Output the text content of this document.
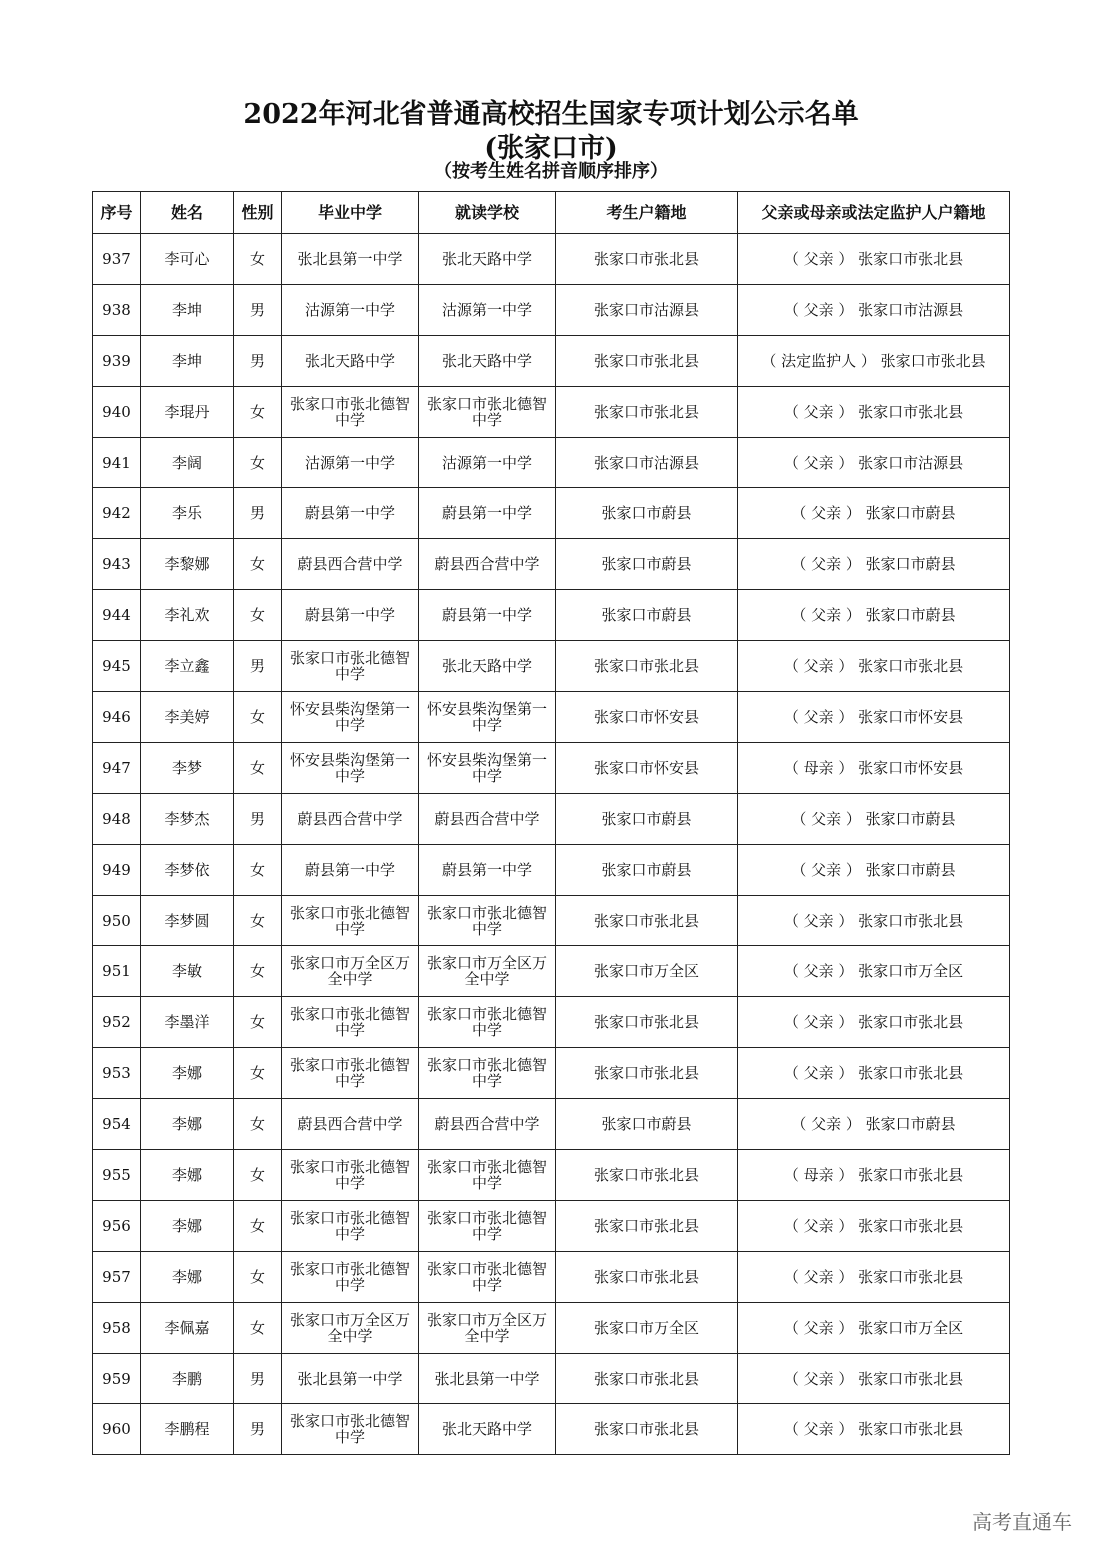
2022年河北省普通高校招生国家专项计划公示名单
(张家口市)
（按考生姓名拼音顺序排序）
序号	姓名	性别	毕业中学	就读学校	考生户籍地	父亲或母亲或法定监护人户籍地
937	李可心	女	张北县第一中学	张北天路中学	张家口市张北县	（ 父亲 ） 张家口市张北县
938	李坤	男	沽源第一中学	沽源第一中学	张家口市沽源县	（ 父亲 ） 张家口市沽源县
939	李坤	男	张北天路中学	张北天路中学	张家口市张北县	（ 法定监护人 ） 张家口市张北县
940	李琨丹	女	张家口市张北德智中学	张家口市张北德智中学	张家口市张北县	（ 父亲 ） 张家口市张北县
941	李阔	女	沽源第一中学	沽源第一中学	张家口市沽源县	（ 父亲 ） 张家口市沽源县
942	李乐	男	蔚县第一中学	蔚县第一中学	张家口市蔚县	（ 父亲 ） 张家口市蔚县
943	李黎娜	女	蔚县西合营中学	蔚县西合营中学	张家口市蔚县	（ 父亲 ） 张家口市蔚县
944	李礼欢	女	蔚县第一中学	蔚县第一中学	张家口市蔚县	（ 父亲 ） 张家口市蔚县
945	李立鑫	男	张家口市张北德智中学	张北天路中学	张家口市张北县	（ 父亲 ） 张家口市张北县
946	李美婷	女	怀安县柴沟堡第一中学	怀安县柴沟堡第一中学	张家口市怀安县	（ 父亲 ） 张家口市怀安县
947	李梦	女	怀安县柴沟堡第一中学	怀安县柴沟堡第一中学	张家口市怀安县	（ 母亲 ） 张家口市怀安县
948	李梦杰	男	蔚县西合营中学	蔚县西合营中学	张家口市蔚县	（ 父亲 ） 张家口市蔚县
949	李梦依	女	蔚县第一中学	蔚县第一中学	张家口市蔚县	（ 父亲 ） 张家口市蔚县
950	李梦圆	女	张家口市张北德智中学	张家口市张北德智中学	张家口市张北县	（ 父亲 ） 张家口市张北县
951	李敏	女	张家口市万全区万全中学	张家口市万全区万全中学	张家口市万全区	（ 父亲 ） 张家口市万全区
952	李墨洋	女	张家口市张北德智中学	张家口市张北德智中学	张家口市张北县	（ 父亲 ） 张家口市张北县
953	李娜	女	张家口市张北德智中学	张家口市张北德智中学	张家口市张北县	（ 父亲 ） 张家口市张北县
954	李娜	女	蔚县西合营中学	蔚县西合营中学	张家口市蔚县	（ 父亲 ） 张家口市蔚县
955	李娜	女	张家口市张北德智中学	张家口市张北德智中学	张家口市张北县	（ 母亲 ） 张家口市张北县
956	李娜	女	张家口市张北德智中学	张家口市张北德智中学	张家口市张北县	（ 父亲 ） 张家口市张北县
957	李娜	女	张家口市张北德智中学	张家口市张北德智中学	张家口市张北县	（ 父亲 ） 张家口市张北县
958	李佩嘉	女	张家口市万全区万全中学	张家口市万全区万全中学	张家口市万全区	（ 父亲 ） 张家口市万全区
959	李鹏	男	张北县第一中学	张北县第一中学	张家口市张北县	（ 父亲 ） 张家口市张北县
960	李鹏程	男	张家口市张北德智中学	张北天路中学	张家口市张北县	（ 父亲 ） 张家口市张北县
高考直通车
